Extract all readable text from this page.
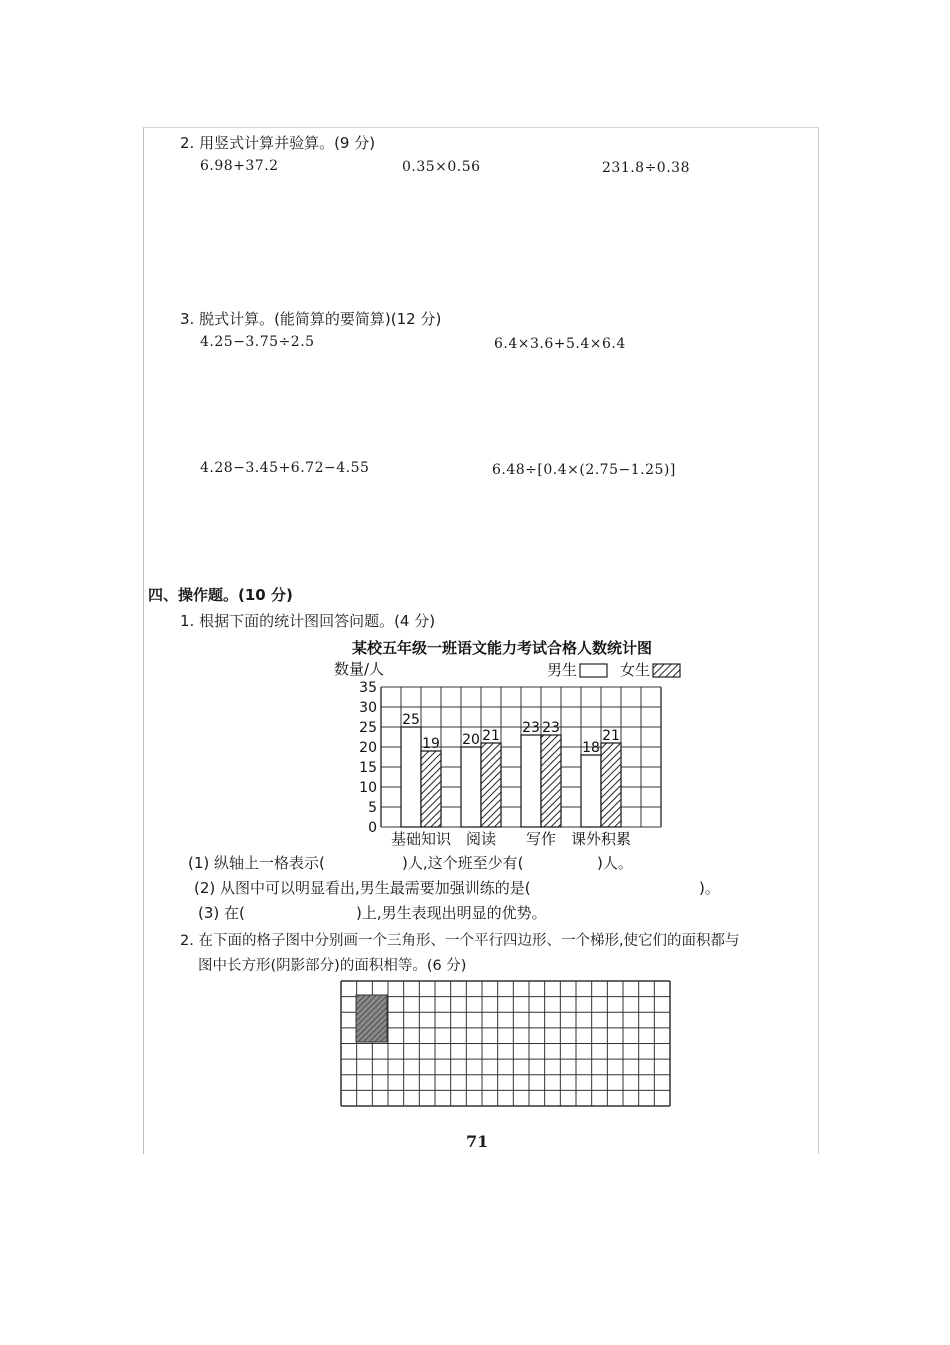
2. 用竖式计算并验算。(9 分)
6.98+37.2	0.35×0.56	231.8÷0.38
3. 脱式计算。(能简算的要简算)(12 分)
4.25−3.75÷2.5	6.4×3.6+5.4×6.4
4.28−3.45+6.72−4.55	6.48÷[0.4×(2.75−1.25)]
四、操作题。(10 分)
1. 根据下面的统计图回答问题。(4 分)
某校五年级一班语文能力考试合格人数统计图
数量/人	男生	女生
0
5
10
15
20
25
30
35
25
19
基础知识
20 21
阅读
23 23
写作
18
21
课外积累
(1) 纵轴上一格表示(	)人,这个班至少有(	)人。
(2) 从图中可以明显看出,男生最需要加强训练的是(	)。
(3) 在(	)上,男生表现出明显的优势。
2. 在下面的格子图中分别画一个三角形、一个平行四边形、一个梯形,使它们的面积都与
图中长方形(阴影部分)的面积相等。(6 分)
71
